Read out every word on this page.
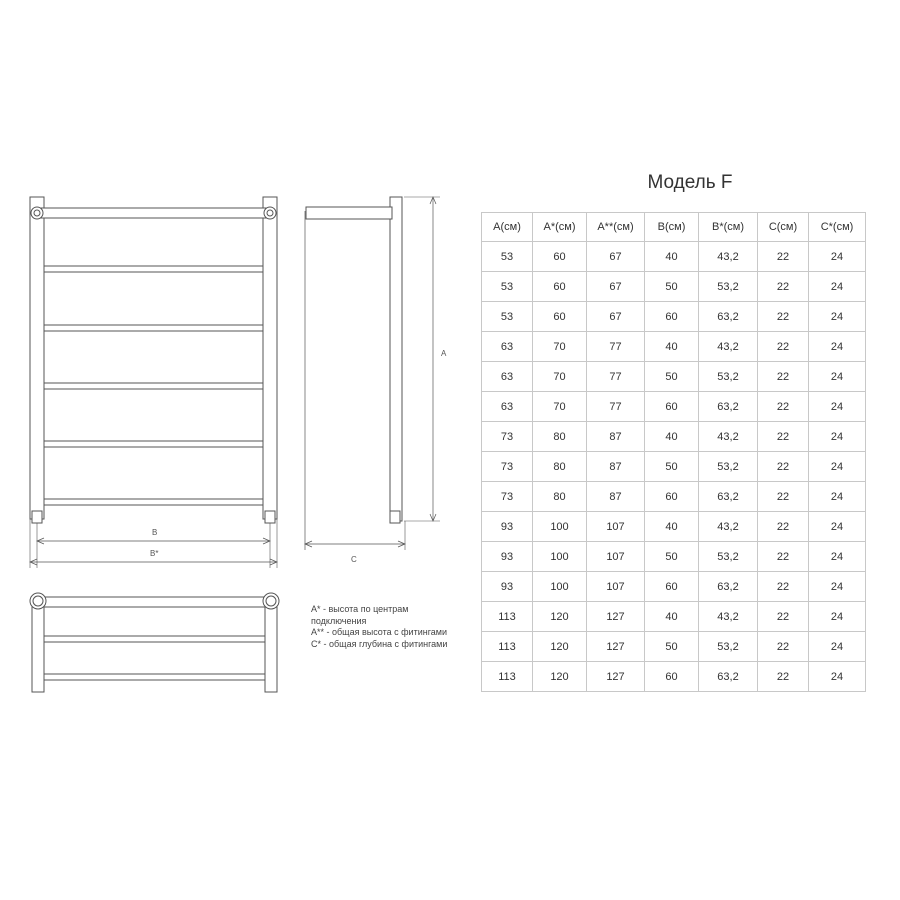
B
B*
A
C
A* - высота по центрам подключения
A** - общая высота с фитингами
C* - общая глубина с фитингами
Модель F
A(см)	A*(см)	A**(см)	B(см)	B*(см)	C(см)	C*(см)
53	60	67	40	43,2	22	24
53	60	67	50	53,2	22	24
53	60	67	60	63,2	22	24
63	70	77	40	43,2	22	24
63	70	77	50	53,2	22	24
63	70	77	60	63,2	22	24
73	80	87	40	43,2	22	24
73	80	87	50	53,2	22	24
73	80	87	60	63,2	22	24
93	100	107	40	43,2	22	24
93	100	107	50	53,2	22	24
93	100	107	60	63,2	22	24
113	120	127	40	43,2	22	24
113	120	127	50	53,2	22	24
113	120	127	60	63,2	22	24
